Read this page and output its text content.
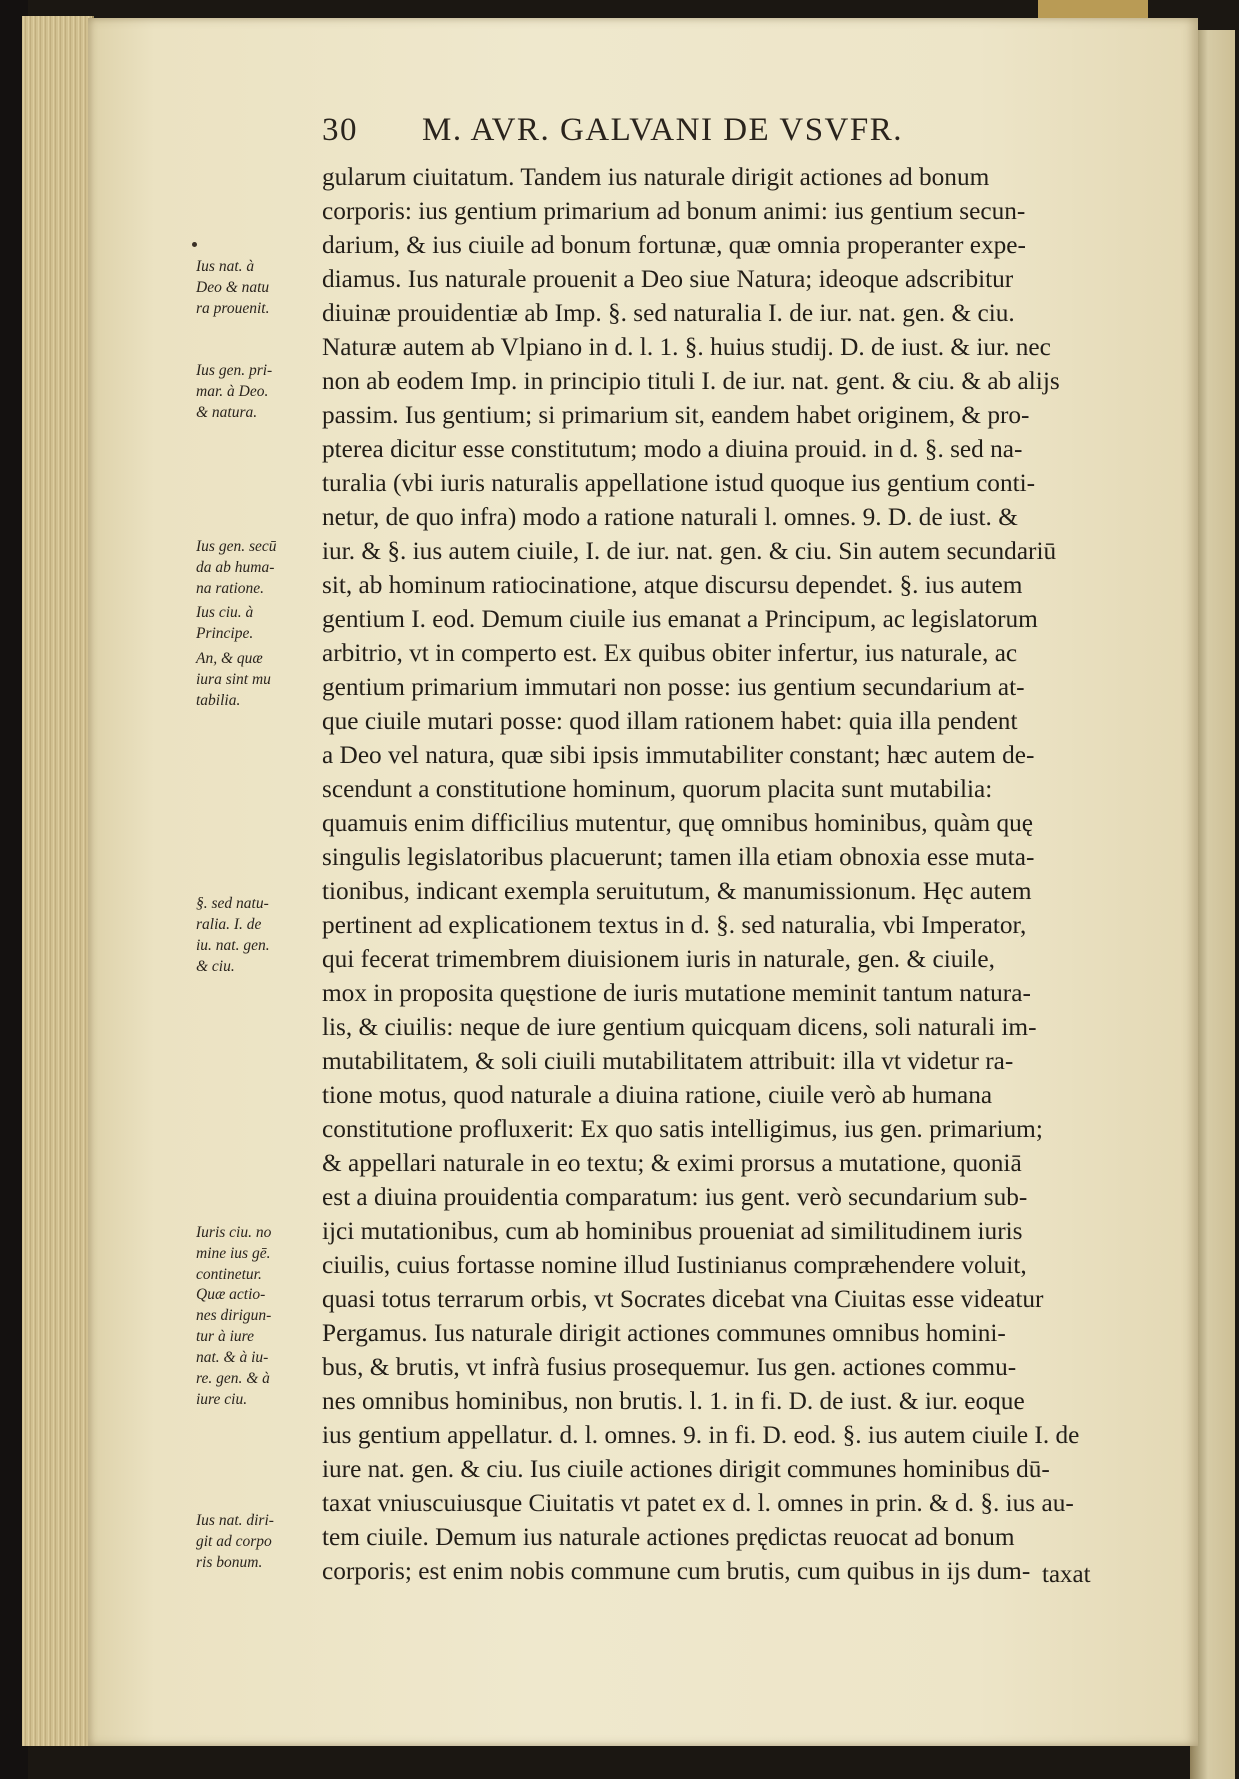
30 M. AVR. GALVANI DE VSVFR.
gularum ciuitatum. Tandem ius naturale dirigit actiones ad bonum
corporis: ius gentium primarium ad bonum animi: ius gentium secun-
darium, & ius ciuile ad bonum fortunæ, quæ omnia properanter expe-
diamus. Ius naturale prouenit a Deo siue Natura; ideoque adscribitur
diuinæ prouidentiæ ab Imp. §. sed naturalia I. de iur. nat. gen. & ciu.
Naturæ autem ab Vlpiano in d. l. 1. §. huius studij. D. de iust. & iur. nec
non ab eodem Imp. in principio tituli I. de iur. nat. gent. & ciu. & ab alijs
passim. Ius gentium; si primarium sit, eandem habet originem, & pro-
pterea dicitur esse constitutum; modo a diuina prouid. in d. §. sed na-
turalia (vbi iuris naturalis appellatione istud quoque ius gentium conti-
netur, de quo infra) modo a ratione naturali l. omnes. 9. D. de iust. &
iur. & §. ius autem ciuile, I. de iur. nat. gen. & ciu. Sin autem secundariū
sit, ab hominum ratiocinatione, atque discursu dependet. §. ius autem
gentium I. eod. Demum ciuile ius emanat a Principum, ac legislatorum
arbitrio, vt in comperto est. Ex quibus obiter infertur, ius naturale, ac
gentium primarium immutari non posse: ius gentium secundarium at-
que ciuile mutari posse: quod illam rationem habet: quia illa pendent
a Deo vel natura, quæ sibi ipsis immutabiliter constant; hæc autem de-
scendunt a constitutione hominum, quorum placita sunt mutabilia:
quamuis enim difficilius mutentur, quę omnibus hominibus, quàm quę
singulis legislatoribus placuerunt; tamen illa etiam obnoxia esse muta-
tionibus, indicant exempla seruitutum, & manumissionum. Hęc autem
pertinent ad explicationem textus in d. §. sed naturalia, vbi Imperator,
qui fecerat trimembrem diuisionem iuris in naturale, gen. & ciuile,
mox in proposita quęstione de iuris mutatione meminit tantum natura-
lis, & ciuilis: neque de iure gentium quicquam dicens, soli naturali im-
mutabilitatem, & soli ciuili mutabilitatem attribuit: illa vt videtur ra-
tione motus, quod naturale a diuina ratione, ciuile verò ab humana
constitutione profluxerit: Ex quo satis intelligimus, ius gen. primarium;
& appellari naturale in eo textu; & eximi prorsus a mutatione, quoniā
est a diuina prouidentia comparatum: ius gent. verò secundarium sub-
ijci mutationibus, cum ab hominibus proueniat ad similitudinem iuris
ciuilis, cuius fortasse nomine illud Iustinianus compræhendere voluit,
quasi totus terrarum orbis, vt Socrates dicebat vna Ciuitas esse videatur
Pergamus. Ius naturale dirigit actiones communes omnibus homini-
bus, & brutis, vt infrà fusius prosequemur. Ius gen. actiones commu-
nes omnibus hominibus, non brutis. l. 1. in fi. D. de iust. & iur. eoque
ius gentium appellatur. d. l. omnes. 9. in fi. D. eod. §. ius autem ciuile I. de
iure nat. gen. & ciu. Ius ciuile actiones dirigit communes hominibus dū-
taxat vniuscuiusque Ciuitatis vt patet ex d. l. omnes in prin. & d. §. ius au-
tem ciuile. Demum ius naturale actiones prędictas reuocat ad bonum
corporis; est enim nobis commune cum brutis, cum quibus in ijs dum- taxat
Ius nat. à
Deo & natu
ra prouenit.
Ius gen. pri-
mar. à Deo.
& natura.
Ius gen. secū
da ab huma-
na ratione.
Ius ciu. à
Principe.
An, & quæ
iura sint mu
tabilia.
§. sed natu-
ralia. I. de
iu. nat. gen.
& ciu.
Iuris ciu. no
mine ius gē.
continetur.
Quæ actio-
nes dirigun-
tur à iure
nat. & à iu-
re. gen. & à
iure ciu.
Ius nat. diri-
git ad corpo
ris bonum.
